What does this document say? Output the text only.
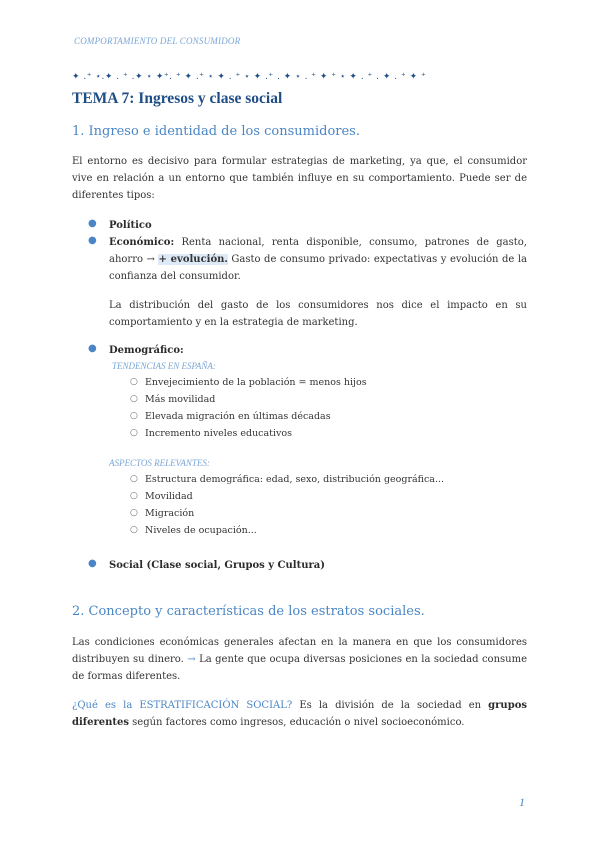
COMPORTAMIENTO DEL CONSUMIDOR
✦ .⁺ ⋆.✦ . ⁺ .✦ ⋆ ✦⁺. ⁺ ✦ .⁺ ⋆ ✦ . ⁺ ⋆ ✦ .⁺ . ✦ ⋆ . ⁺ ✦ ⁺ ⋆ ✦ . ⁺ . ✦ . ⁺ ✦ ⁺
TEMA 7: Ingresos y clase social
1. Ingreso e identidad de los consumidores.
El entorno es decisivo para formular estrategias de marketing, ya que, el consumidor vive en relación a un entorno que también influye en su comportamiento. Puede ser de diferentes tipos:
● Político
● Económico: Renta nacional, renta disponible, consumo, patrones de gasto, ahorro → + evolución. Gasto de consumo privado: expectativas y evolución de la confianza del consumidor.
La distribución del gasto de los consumidores nos dice el impacto en su comportamiento y en la estrategia de marketing.
● Demográfico:
TENDENCIAS EN ESPAÑA:
○ Envejecimiento de la población = menos hijos
○ Más movilidad
○ Elevada migración en últimas décadas
○ Incremento niveles educativos
ASPECTOS RELEVANTES:
○ Estructura demográfica: edad, sexo, distribución geográfica...
○ Movilidad
○ Migración
○ Niveles de ocupación...
● Social (Clase social, Grupos y Cultura)
2. Concepto y características de los estratos sociales.
Las condiciones económicas generales afectan en la manera en que los consumidores distribuyen su dinero. → La gente que ocupa diversas posiciones en la sociedad consume de formas diferentes.
¿Qué es la ESTRATIFICACIÓN SOCIAL? Es la división de la sociedad en grupos diferentes según factores como ingresos, educación o nivel socioeconómico.
1
